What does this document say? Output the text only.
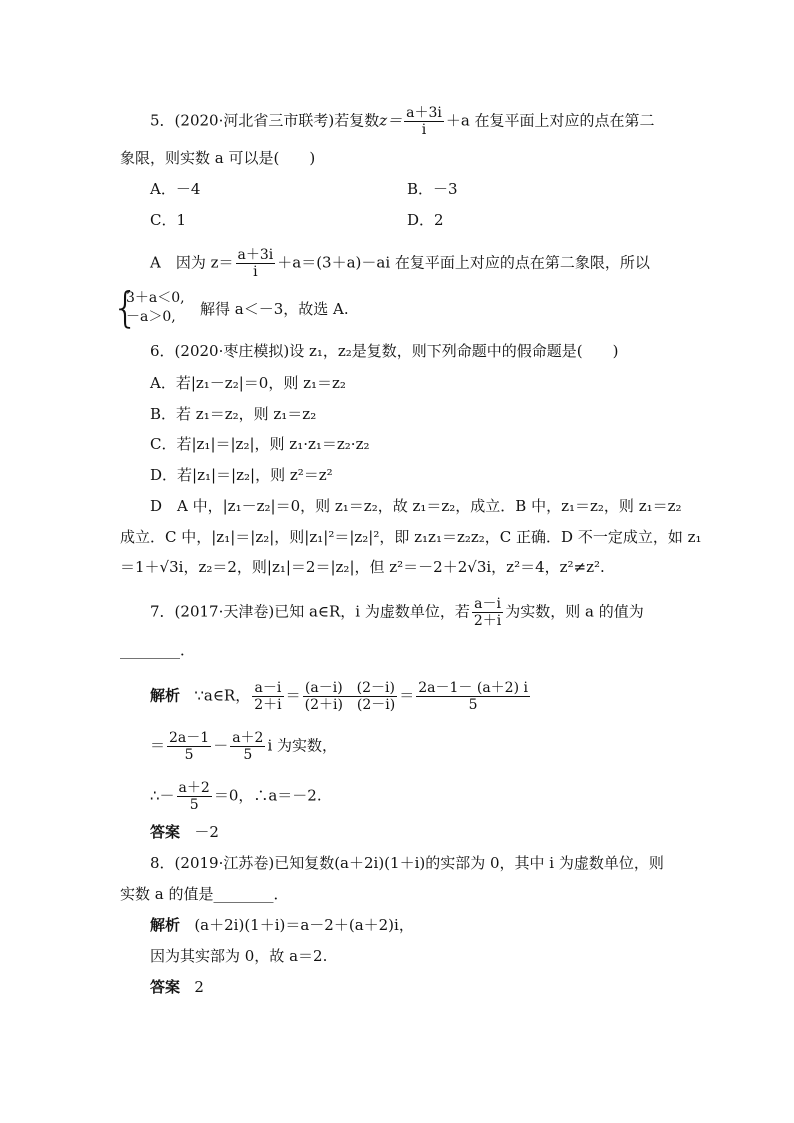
5．(2020·河北省三市联考)若复数$z= \frac{a+3i}{i} +a$ 在复平面上对应的点在第二
象限，则实数 a 可以是(　　)
A．－4	B．－3
C．1	D．2
A　因为 $z= \frac{a+3i}{i} +a=(3+a)-ai$ 在复平面上对应的点在第二象限，所以
{
3＋a＜0,
－a＞0, 解得 a＜－3，故选 A.
6．(2020·枣庄模拟)设 z₁，z₂是复数，则下列命题中的假命题是(　　)
A．若|z₁－z₂|＝0，则 z₁＝z₂
B．若 z₁＝z₂，则 z₁＝z₂
C．若|z₁|＝|z₂|，则 z₁·z₁＝z₂·z₂
D．若|z₁|＝|z₂|，则 z²＝z²
D　A 中，|z₁－z₂|＝0，则 z₁＝z₂，故 z₁＝z₂，成立．B 中，z₁＝z₂，则 z₁＝z₂
成立．C 中，|z₁|＝|z₂|，则|z₁|²＝|z₂|²，即 z₁z₁＝z₂z₂，C 正确．D 不一定成立，如 z₁
＝1＋√3i，z₂＝2，则|z₁|＝2＝|z₂|，但 z²＝－2＋2√3i，z²＝4，z²≠z².
7．(2017·天津卷)已知 a∈R，i 为虚数单位，若 $\frac{a-i}{2+i}$ 为实数，则 a 的值为
________．
解析 ∵a∈R， $\frac{a-i}{2+i} = \frac{(a-i) (2-i)}{(2+i) (2-i)} = \frac{2a-1- (a+2) i}{5}$
＝ $\frac{2a-1}{5} - \frac{a+2}{5}$ i 为实数，
∴－ $\frac{a+2}{5} =0$，∴a＝－2.
答案 －2
8．(2019·江苏卷)已知复数(a＋2i)(1＋i)的实部为 0，其中 i 为虚数单位，则
实数 a 的值是________．
解析 (a＋2i)(1＋i)＝a－2＋(a＋2)i，
因为其实部为 0，故 a＝2.
答案 2
